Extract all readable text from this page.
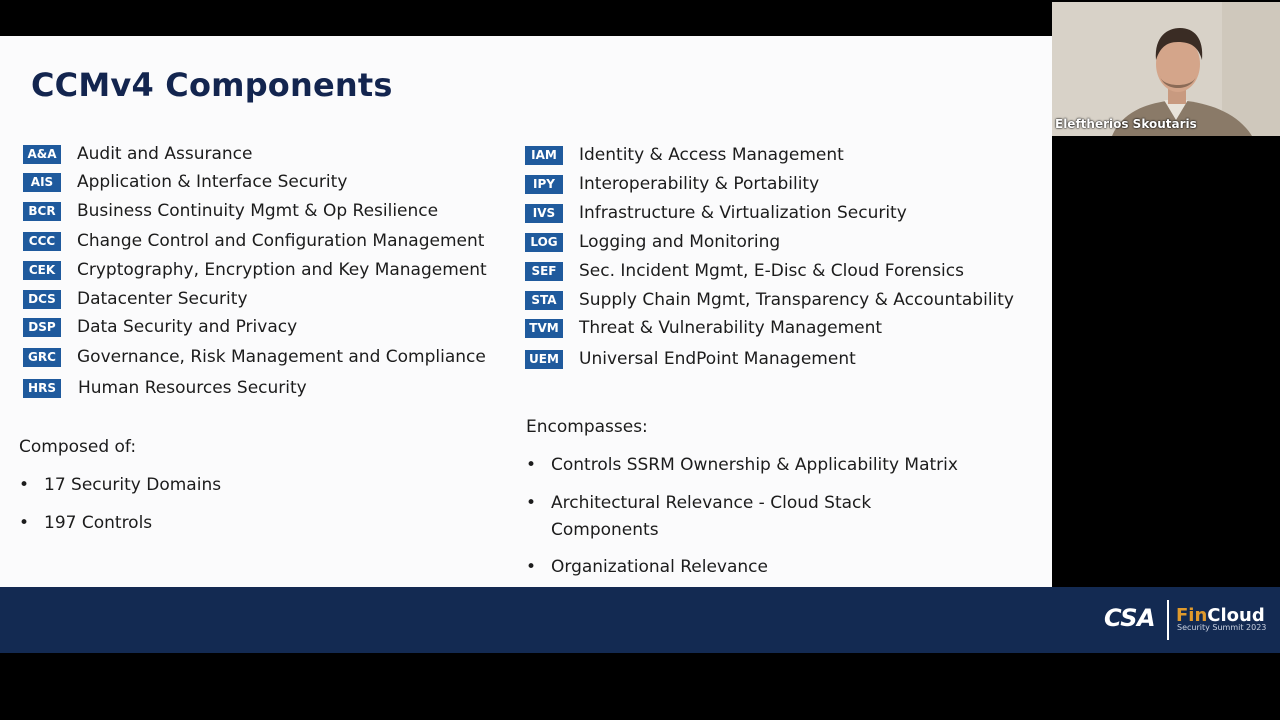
CCMv4 Components
A&A Audit and Assurance
AIS	Application & Interface Security
BCR	Business Continuity Mgmt & Op Resilience
CCC	Change Control and Configuration Management
CEK	Cryptography, Encryption and Key Management
DCS	Datacenter Security
DSP	Data Security and Privacy
GRC Governance, Risk Management and Compliance
HRS Human Resources Security
IAM	Identity & Access Management
IPY	Interoperability & Portability
IVS	Infrastructure & Virtualization Security
LOG	Logging and Monitoring
SEF	Sec. Incident Mgmt, E-Disc & Cloud Forensics
STA	Supply Chain Mgmt, Transparency & Accountability
TVM Threat & Vulnerability Management
UEM Universal EndPoint Management
Composed of:
• 17 Security Domains
• 197 Controls
Encompasses:
• Controls SSRM Ownership & Applicability Matrix
• Architectural Relevance - Cloud Stack
Components
• Organizational Relevance
CSA FinCloud
Security Summit 2023
Eleftherios Skoutaris
